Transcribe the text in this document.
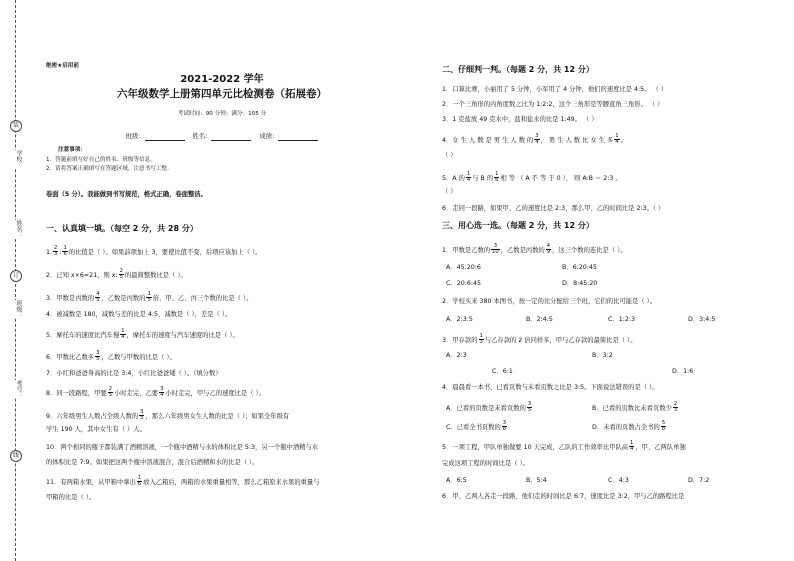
学校：
姓名：
班级：
考号：
装
订
线
绝密★启用前
2021-2022 学年
六年级数学上册第四单元比检测卷（拓展卷）
考试时间：90 分钟；满分：105 分
班级：	姓名：	成绩：
注意事项：
1．答题前填写好自己的姓名、班级等信息。
2．请将答案正确填写在答题区域，注意书写工整。
卷面（5 分）。我能做到书写规范，格式正确，卷面整洁。
一、认真填一填。（每空 2 分，共 28 分）
1. $\frac{2}{3}$ : $\frac{1}{6}$ 的比值是（ ）。如果前项加上 3，要使比值不变，后项应该加上（ ）。
2．已知 x×6=21，则 x: $\frac{2}{5}$ 的最简整数比是（ ）。
3．甲数是丙数的 $\frac{4}{5}$ ，乙数是丙数的 $\frac{1}{5}$ 倍，甲、乙、丙三个数的比是（ ）。
4．被减数是 180，减数与差的比是 4:5，减数是（ ），差是（ ）。
5．摩托车的速度比汽车慢 $\frac{1}{4}$ ，摩托车的速度与汽车速度的比是（ ）。
6．甲数比乙数多 $\frac{3}{5}$ ，乙数与甲数的比是（ ）。
7．小红和爸爸身高的比是 3:4，小红比爸爸矮（ ）。（填分数）
8．同一段路程，甲要 $\frac{2}{5}$ 小时走完，乙要 $\frac{3}{4}$ 小时走完，甲与乙的速度比是（ ）。
9．六年级男生人数占全级人数的 $\frac{3}{5}$ ，那么六年级男女生人数的比是（ ）；如果全年级有
学生 190 人，其中女生有（ ）人。
10．两个相同的瓶子都装满了酒精溶液，一个瓶中酒精与水的体积比是 5:3，另一个瓶中酒精与水
的体积比是 7:9。如果把这两个瓶中溶液混合，混合后酒精和水的比是（ ）。
11．有两箱水果，从甲箱中拿出 $\frac{1}{6}$ 放入乙箱后，两箱的水果重量相等，那么乙箱原来水果的重量与
甲箱的比是（ ）。
二、仔细判一判。（每题 2 分，共 12 分）
1．口算比赛，小丽用了 5 分钟，小军用了 4 分钟，他们的速度比是 4:5。 （ ）
2．一个三角形的内角度数之比为 1:2:2，这个三角形是等腰直角三角形。 （ ）
3．1 克盐放 49 克水中，盐和盐水的比是 1:49。 （ ）
4．女 生 人 数 是 男 生 人 数 的 $\frac{3}{4}$ ， 男 生 人 数 比 女 生 多 $\frac{1}{4}$ 。
（ ）
5．A 的 $\frac{1}{4}$ 与 B 的 $\frac{1}{6}$ 相 等 （ A 不 等 于 0 ）， 则 A:B ＝ 2:3 。
（ ）
6．走同一段路，如果甲、乙的速度比是 2:3，那么甲、乙的时间比是 2:3。（ ）
三、用心选一选。（每题 2 分，共 12 分）
1．甲数是乙数的 $\frac{3}{10}$ ，乙数是丙数的 $\frac{4}{9}$ ，这三个数的连比是（ ）。
A．45:20:6	B．6:20:45
C．20:6:45	D．8:45:20
2．学校买来 380 本图书，按一定的比分配给三个班，它们的比可能是（ ）。
A．2:3:5	B．2:4:5	C．1:2:3	D．3:4:5
3．甲存款的 $\frac{1}{3}$ 与乙存款的 2 倍同样多，甲与乙存款的最简比是（ ）。
A．2:3	B．3:2
C．6:1	D．1:6
4．晨晨看一本书，已看页数与未看页数之比是 3:5。下面说法错误的是（ ）。
A．已看的页数是未看页数的 $\frac{3}{5}$	B．已看的页数比未看页数少 $\frac{2}{3}$
C．已看全书页数的 $\frac{3}{8}$	D．未看的页数占全书的 $\frac{5}{8}$
5．一项工程，甲队单独做要 10 天完成，乙队的工作效率比甲队高 $\frac{1}{4}$ ，甲、乙两队单独
完成这项工程的时间比是（ ）。
A．6:5	B．5:4	C．4:3	D．7:2
6．甲、乙两人各走一段路，他们走的时间比是 6:7，速度比是 3:2，甲与乙的路程比是
